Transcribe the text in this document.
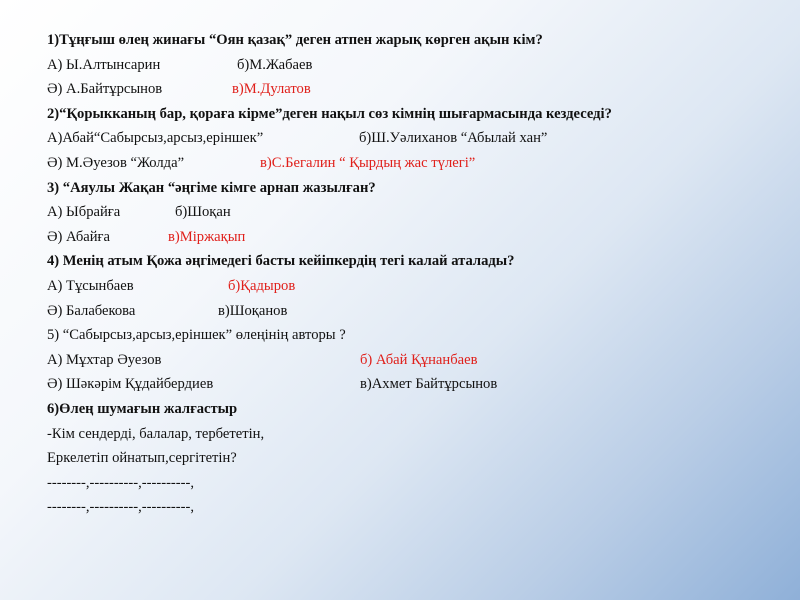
1)Тұңғыш өлең жинағы “Оян қазақ” деген атпен жарық көрген ақын кім?
А) Ы.Алтынсарин	б)М.Жабаев
Ә) А.Байтұрсынов	в)М.Дулатов
2)“Қорыкканың бар, қораға кірме”деген нақыл сөз кімнің шығармасында кездеседі?
А)Абай“Сабырсыз,арсыз,еріншек”	б)Ш.Уәлиханов “Абылай хан”
Ә) М.Әуезов “Жолда”	в)С.Бегалин “ Қырдың жас түлегі”
3) “Аяулы Жақан “әңгіме кімге арнап жазылған?
А) Ыбрайға	б)Шоқан
Ә) Абайға	в)Міржақып
4) Менің атым Қожа әңгімедегі басты кейіпкердің тегі калай аталады?
А) Тұсынбаев	б)Қадыров
Ә) Балабекова	в)Шоқанов
5) “Сабырсыз,арсыз,еріншек” өлеңінің авторы ?
А) Мұхтар Әуезов	б) Абай Құнанбаев
Ә) Шәкәрім Құдайбердиев	в)Ахмет Байтұрсынов
6)Өлең шумағын жалғастыр
-Кім сендерді, балалар, тербететін,
Еркелетіп ойнатып,сергітетін?
--------,----------,----------,
--------,----------,----------,
